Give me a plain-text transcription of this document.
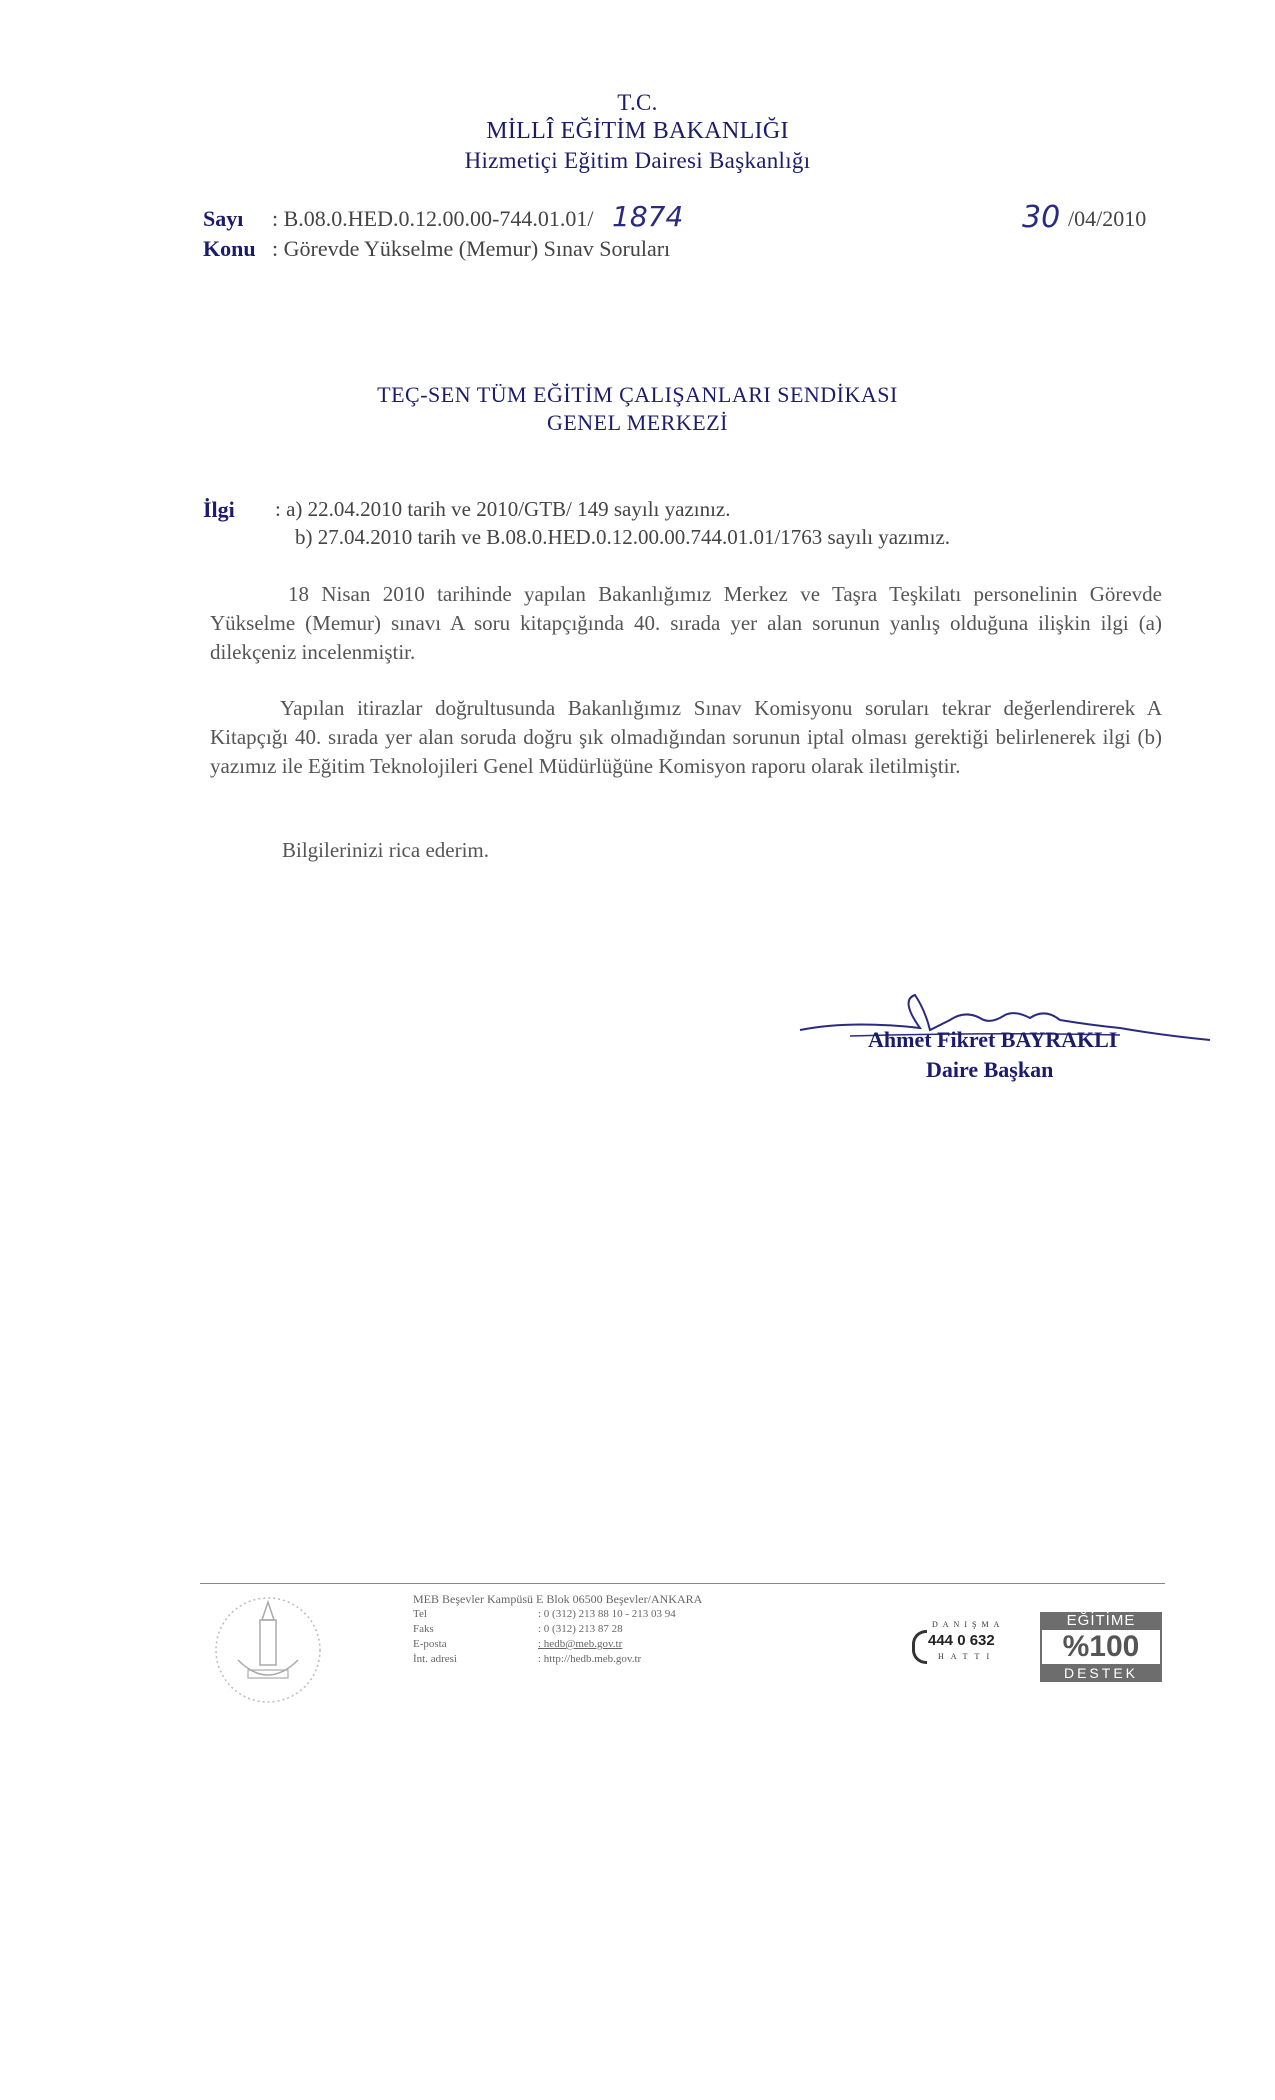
T.C.
MİLLÎ EĞİTİM BAKANLIĞI
Hizmetiçi Eğitim Dairesi Başkanlığı
Sayı : B.08.0.HED.0.12.00.00-744.01.01/ 1874
Konu : Görevde Yükselme (Memur) Sınav Soruları
30 /04/2010
TEÇ-SEN TÜM EĞİTİM ÇALIŞANLARI SENDİKASI
GENEL MERKEZİ
İlgi : a) 22.04.2010 tarih ve 2010/GTB/ 149 sayılı yazınız.
b) 27.04.2010 tarih ve B.08.0.HED.0.12.00.00.744.01.01/1763 sayılı yazımız.
18 Nisan 2010 tarihinde yapılan Bakanlığımız Merkez ve Taşra Teşkilatı personelinin Görevde Yükselme (Memur) sınavı A soru kitapçığında 40. sırada yer alan sorunun yanlış olduğuna ilişkin ilgi (a) dilekçeniz incelenmiştir.
Yapılan itirazlar doğrultusunda Bakanlığımız Sınav Komisyonu soruları tekrar değerlendirerek A Kitapçığı 40. sırada yer alan soruda doğru şık olmadığından sorunun iptal olması gerektiği belirlenerek ilgi (b) yazımız ile Eğitim Teknolojileri Genel Müdürlüğüne Komisyon raporu olarak iletilmiştir.
Bilgilerinizi rica ederim.
Ahmet Fikret BAYRAKLI
Daire Başkan
MEB Beşevler Kampüsü E Blok 06500 Beşevler/ANKARA
Tel	: 0 (312) 213 88 10 - 213 03 94
Faks	: 0 (312) 213 87 28
E-posta	: hedb@meb.gov.tr
İnt. adresi	: http://hedb.meb.gov.tr
DANIŞMA
444 0 632
HATTI
EĞİTİME
%100
DESTEK
